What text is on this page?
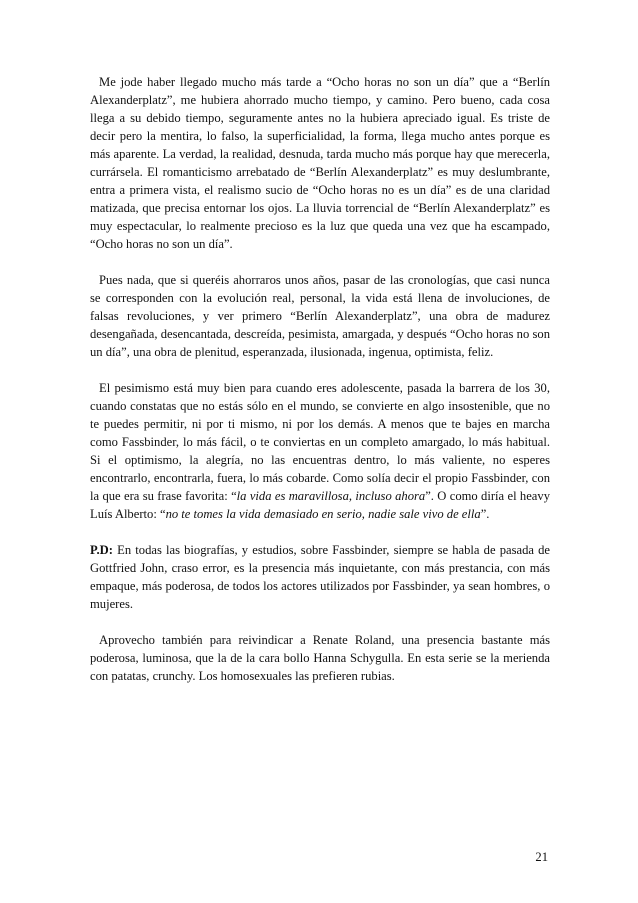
Me jode haber llegado mucho más tarde a “Ocho horas no son un día” que a “Berlín Alexanderplatz”, me hubiera ahorrado mucho tiempo, y camino. Pero bueno, cada cosa llega a su debido tiempo, seguramente antes no la hubiera apreciado igual. Es triste de decir pero la mentira, lo falso, la superficialidad, la forma, llega mucho antes porque es más aparente. La verdad, la realidad, desnuda, tarda mucho más porque hay que merecerla, currársela. El romanticismo arrebatado de “Berlín Alexanderplatz” es muy deslumbrante, entra a primera vista, el realismo sucio de “Ocho horas no es un día” es de una claridad matizada, que precisa entornar los ojos. La lluvia torrencial de “Berlín Alexanderplatz” es muy espectacular, lo realmente precioso es la luz que queda una vez que ha escampado, “Ocho horas no son un día”.

Pues nada, que si queréis ahorraros unos años, pasar de las cronologías, que casi nunca se corresponden con la evolución real, personal, la vida está llena de involuciones, de falsas revoluciones, y ver primero “Berlín Alexanderplatz”, una obra de madurez desengañada, desencantada, descreída, pesimista, amargada, y después “Ocho horas no son un día”, una obra de plenitud, esperanzada, ilusionada, ingenua, optimista, feliz.

El pesimismo está muy bien para cuando eres adolescente, pasada la barrera de los 30, cuando constatas que no estás sólo en el mundo, se convierte en algo insostenible, que no te puedes permitir, ni por ti mismo, ni por los demás. A menos que te bajes en marcha como Fassbinder, lo más fácil, o te conviertas en un completo amargado, lo más habitual. Si el optimismo, la alegría, no las encuentras dentro, lo más valiente, no esperes encontrarlo, encontrarla, fuera, lo más cobarde. Como solía decir el propio Fassbinder, con la que era su frase favorita: “la vida es maravillosa, incluso ahora”. O como diría el heavy Luís Alberto: “no te tomes la vida demasiado en serio, nadie sale vivo de ella”.

P.D: En todas las biografías, y estudios, sobre Fassbinder, siempre se habla de pasada de Gottfried John, craso error, es la presencia más inquietante, con más prestancia, con más empaque, más poderosa, de todos los actores utilizados por Fassbinder, ya sean hombres, o mujeres.

Aprovecho también para reivindicar a Renate Roland, una presencia bastante más poderosa, luminosa, que la de la cara bollo Hanna Schygulla. En esta serie se la merienda con patatas, crunchy. Los homosexuales las prefieren rubias.

21
